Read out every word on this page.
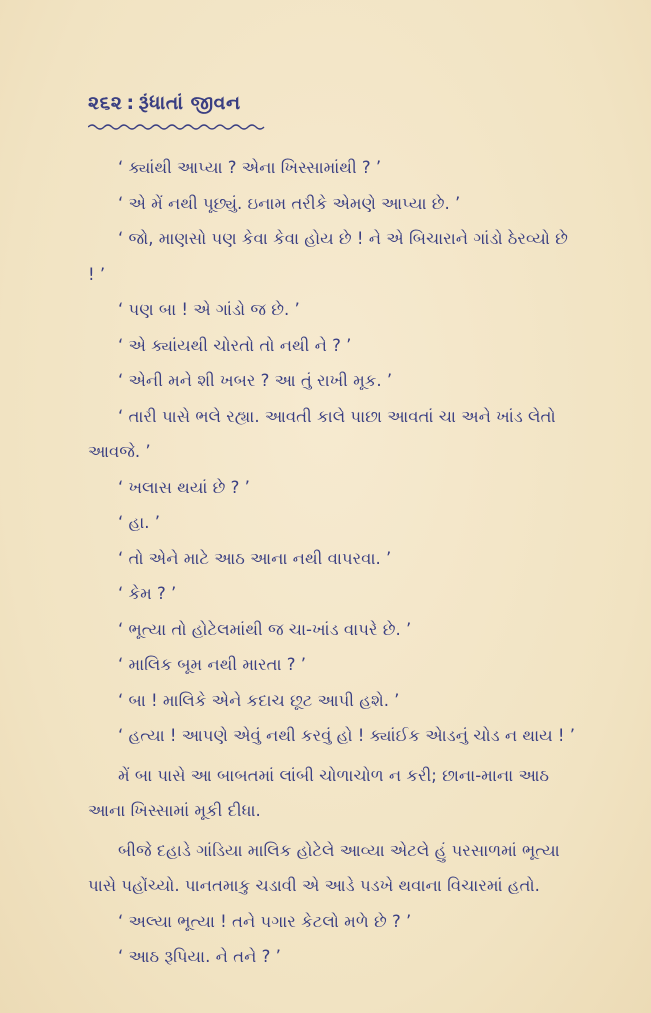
૨૬૨ : રૂંધાતાં જીવન

‘ ક્યાંથી આપ્યા ? એના ખિસ્સામાંથી ? ’

‘ એ મેં નથી પૂછ્યું. ઇનામ તરીકે એમણે આપ્યા છે. ’

‘ જો, માણસો પણ કેવા કેવા હોય છે ! ને એ બિચારાને ગાંડો ઠેરવ્યો છે ! ’

‘ પણ બા ! એ ગાંડો જ છે. ’

‘ એ ક્યાંયથી ચોરતો તો નથી ને ? ’

‘ એની મને શી ખબર ? આ તું રાખી મૂક. ’

‘ તારી પાસે ભલે રહ્યા. આવતી કાલે પાછા આવતાં ચા અને ખાંડ લેતો આવજે. ’

‘ ખલાસ થયાં છે ? ’

‘ હા. ’

‘ તો એને માટે આઠ આના નથી વાપરવા. ’

‘ કેમ ? ’

‘ ભૂત્યા તો હોટેલમાંથી જ ચા-ખાંડ વાપરે છે. ’

‘ માલિક બૂમ નથી મારતા ? ’

‘ બા ! માલિકે એને કદાચ છૂટ આપી હશે. ’

‘ હત્યા ! આપણે એવું નથી કરવું હો ! ક્યાંઈક એાડનું ચોડ ન થાય ! ’

મેં બા પાસે આ બાબતમાં લાંબી ચોળાચોળ ન કરી; છાના-માના આઠ આના ખિસ્સામાં મૂકી દીધા.

બીજે દહાડે ગાંડિયા માલિક હોટેલે આવ્યા એટલે હું પરસાળમાં ભૂત્યા પાસે પહોંચ્યો. પાનતમાકુ ચડાવી એ આડે પડખે થવાના વિચારમાં હતો.

‘ અલ્યા ભૂત્યા ! તને પગાર કેટલો મળે છે ? ’

‘ આઠ રૂપિયા. ને તને ? ’
